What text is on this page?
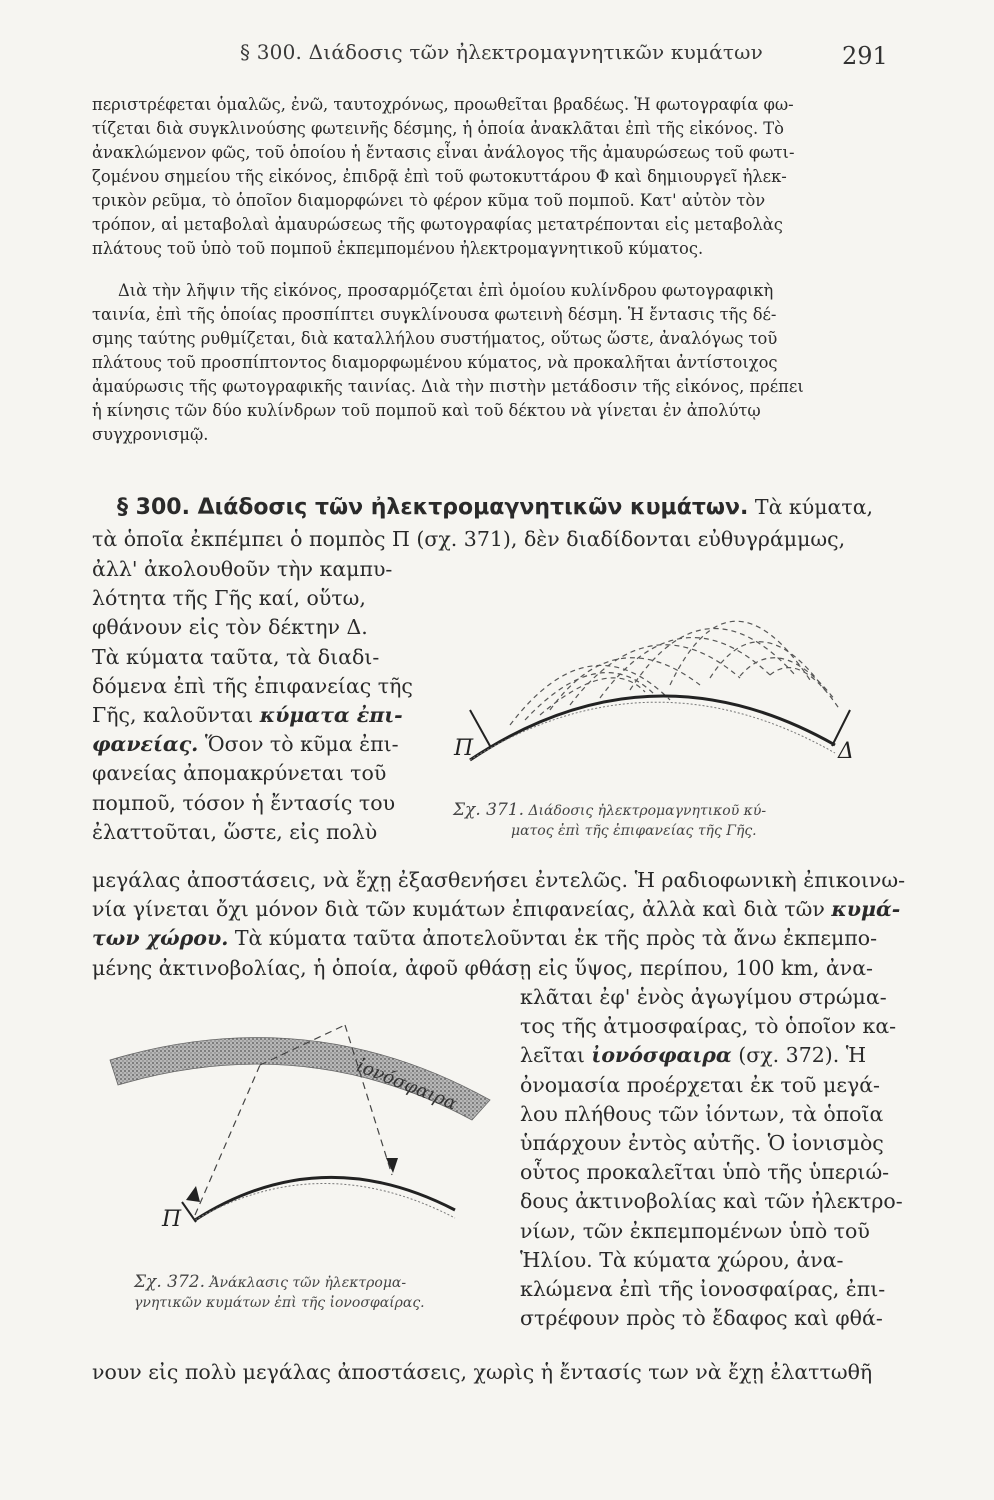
§ 300. Διάδοσις τῶν ἠλεκτρομαγνητικῶν κυμάτων	291
περιστρέφεται ὁμαλῶς, ἐνῶ, ταυτοχρόνως, προωθεῖται βραδέως. Ἡ φωτογραφία φω-
τίζεται διὰ συγκλινούσης φωτεινῆς δέσμης, ἡ ὁποία ἀνακλᾶται ἐπὶ τῆς εἰκόνος. Τὸ
ἀνακλώμενον φῶς, τοῦ ὁποίου ἡ ἔντασις εἶναι ἀνάλογος τῆς ἀμαυρώσεως τοῦ φωτι-
ζομένου σημείου τῆς εἰκόνος, ἐπιδρᾷ ἐπὶ τοῦ φωτοκυττάρου Φ καὶ δημιουργεῖ ἠλεκ-
τρικὸν ρεῦμα, τὸ ὁποῖον διαμορφώνει τὸ φέρον κῦμα τοῦ πομποῦ. Κατ' αὐτὸν τὸν
τρόπον, αἱ μεταβολαὶ ἀμαυρώσεως τῆς φωτογραφίας μετατρέπονται εἰς μεταβολὰς
πλάτους τοῦ ὑπὸ τοῦ πομποῦ ἐκπεμπομένου ἠλεκτρομαγνητικοῦ κύματος.
Διὰ τὴν λῆψιν τῆς εἰκόνος, προσαρμόζεται ἐπὶ ὁμοίου κυλίνδρου φωτογραφικὴ
ταινία, ἐπὶ τῆς ὁποίας προσπίπτει συγκλίνουσα φωτεινὴ δέσμη. Ἡ ἔντασις τῆς δέ-
σμης ταύτης ρυθμίζεται, διὰ καταλλήλου συστήματος, οὕτως ὥστε, ἀναλόγως τοῦ
πλάτους τοῦ προσπίπτοντος διαμορφωμένου κύματος, νὰ προκαλῆται ἀντίστοιχος
ἀμαύρωσις τῆς φωτογραφικῆς ταινίας. Διὰ τὴν πιστὴν μετάδοσιν τῆς εἰκόνος, πρέπει
ἡ κίνησις τῶν δύο κυλίνδρων τοῦ πομποῦ καὶ τοῦ δέκτου νὰ γίνεται ἐν ἀπολύτῳ
συγχρονισμῷ.
§ 300. Διάδοσις τῶν ἠλεκτρομαγνητικῶν κυμάτων. Τὰ κύματα,
τὰ ὁποῖα ἐκπέμπει ὁ πομπὸς Π (σχ. 371), δὲν διαδίδονται εὐθυγράμμως,
ἀλλ' ἀκολουθοῦν τὴν καμπυ-
λότητα τῆς Γῆς καί, οὕτω,
φθάνουν εἰς τὸν δέκτην Δ.
Τὰ κύματα ταῦτα, τὰ διαδι-
δόμενα ἐπὶ τῆς ἐπιφανείας τῆς
Γῆς, καλοῦνται κύματα ἐπι-
φανείας. Ὅσον τὸ κῦμα ἐπι-
φανείας ἀπομακρύνεται τοῦ
πομποῦ, τόσον ἡ ἔντασίς του
ἐλαττοῦται, ὥστε, εἰς πολὺ
Π	Δ
Σχ. 371. Διάδοσις ἠλεκτρομαγνητικοῦ κύ-
ματος ἐπὶ τῆς ἐπιφανείας τῆς Γῆς.
μεγάλας ἀποστάσεις, νὰ ἔχῃ ἐξασθενήσει ἐντελῶς. Ἡ ραδιοφωνικὴ ἐπικοινω-
νία γίνεται ὄχι μόνον διὰ τῶν κυμάτων ἐπιφανείας, ἀλλὰ καὶ διὰ τῶν κυμά-
των χώρου. Τὰ κύματα ταῦτα ἀποτελοῦνται ἐκ τῆς πρὸς τὰ ἄνω ἐκπεμπο-
μένης ἀκτινοβολίας, ἡ ὁποία, ἀφοῦ φθάσῃ εἰς ὕψος, περίπου, 100 km, ἀνα-
κλᾶται ἐφ' ἑνὸς ἀγωγίμου στρώμα-
τος τῆς ἀτμοσφαίρας, τὸ ὁποῖον κα-
λεῖται ἰονόσφαιρα (σχ. 372). Ἡ
ὀνομασία προέρχεται ἐκ τοῦ μεγά-
λου πλήθους τῶν ἰόντων, τὰ ὁποῖα
ὑπάρχουν ἐντὸς αὐτῆς. Ὁ ἰονισμὸς
οὗτος προκαλεῖται ὑπὸ τῆς ὑπεριώ-
δους ἀκτινοβολίας καὶ τῶν ἠλεκτρο-
νίων, τῶν ἐκπεμπομένων ὑπὸ τοῦ
Ἡλίου. Τὰ κύματα χώρου, ἀνα-
κλώμενα ἐπὶ τῆς ἰονοσφαίρας, ἐπι-
στρέφουν πρὸς τὸ ἔδαφος καὶ φθά-
ἰονόσφαιρα
Π
Σχ. 372. Ἀνάκλασις τῶν ἠλεκτρομα-
γνητικῶν κυμάτων ἐπὶ τῆς ἰονοσφαίρας.
νουν εἰς πολὺ μεγάλας ἀποστάσεις, χωρὶς ἡ ἔντασίς των νὰ ἔχῃ ἐλαττωθῆ
